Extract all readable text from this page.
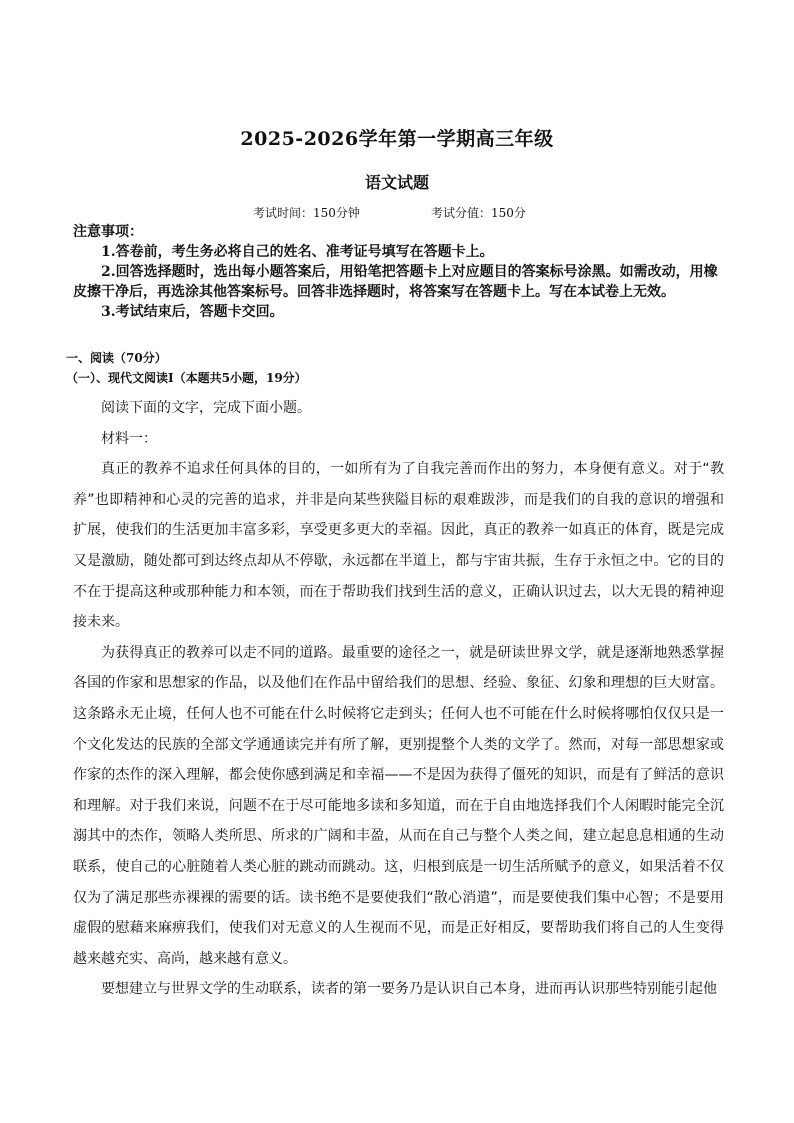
2025-2026学年第一学期高三年级
语文试题
考试时间：150分钟	考试分值：150分

注意事项：

1.答卷前，考生务必将自己的姓名、准考证号填写在答题卡上。

2.回答选择题时，选出每小题答案后，用铅笔把答题卡上对应题目的答案标号涂黑。如需改动，用橡皮擦干净后，再选涂其他答案标号。回答非选择题时，将答案写在答题卡上。写在本试卷上无效。

3.考试结束后，答题卡交回。

一、阅读（70分）
（一）、现代文阅读Ⅰ（本题共5小题，19分）

阅读下面的文字，完成下面小题。

材料一：

真正的教养不追求任何具体的目的，一如所有为了自我完善而作出的努力，本身便有意义。对于“教养”也即精神和心灵的完善的追求，并非是向某些狭隘目标的艰难跋涉，而是我们的自我的意识的增强和扩展，使我们的生活更加丰富多彩，享受更多更大的幸福。因此，真正的教养一如真正的体育，既是完成又是激励，随处都可到达终点却从不停歇，永远都在半道上，都与宇宙共振，生存于永恒之中。它的目的不在于提高这种或那种能力和本领，而在于帮助我们找到生活的意义，正确认识过去，以大无畏的精神迎接未来。

为获得真正的教养可以走不同的道路。最重要的途径之一，就是研读世界文学，就是逐渐地熟悉掌握各国的作家和思想家的作品，以及他们在作品中留给我们的思想、经验、象征、幻象和理想的巨大财富。这条路永无止境，任何人也不可能在什么时候将它走到头；任何人也不可能在什么时候将哪怕仅仅只是一个文化发达的民族的全部文学通通读完并有所了解，更别提整个人类的文学了。然而，对每一部思想家或作家的杰作的深入理解，都会使你感到满足和幸福——不是因为获得了僵死的知识，而是有了鲜活的意识和理解。对于我们来说，问题不在于尽可能地多读和多知道，而在于自由地选择我们个人闲暇时能完全沉溺其中的杰作，领略人类所思、所求的广阔和丰盈，从而在自己与整个人类之间，建立起息息相通的生动联系，使自己的心脏随着人类心脏的跳动而跳动。这，归根到底是一切生活所赋予的意义，如果活着不仅仅为了满足那些赤裸裸的需要的话。读书绝不是要使我们“散心消遣”，而是要使我们集中心智；不是要用虚假的慰藉来麻痹我们，使我们对无意义的人生视而不见，而是正好相反，要帮助我们将自己的人生变得越来越充实、高尚，越来越有意义。

要想建立与世界文学的生动联系，读者的第一要务乃是认识自己本身，进而再认识那些特别能引起他
